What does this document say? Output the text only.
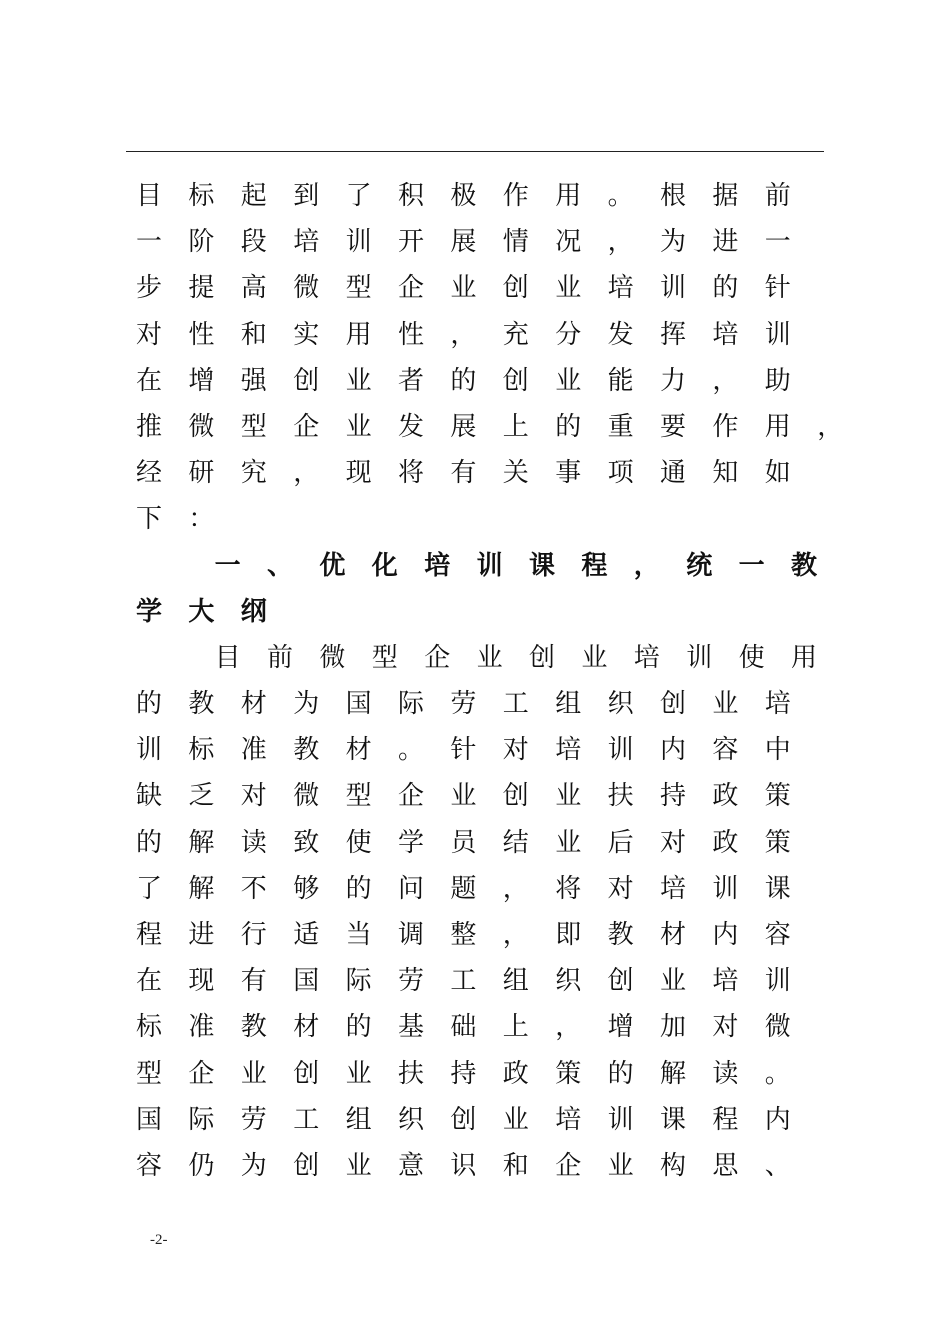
目 标 起 到 了 积 极 作 用 。 根 据 前
一 阶 段 培 训 开 展 情 况 ， 为 进 一
步 提 高 微 型 企 业 创 业 培 训 的 针
对 性 和 实 用 性 ， 充 分 发 挥 培 训
在 增 强 创 业 者 的 创 业 能 力 ， 助
推 微 型 企 业 发 展 上 的 重 要 作 用 ，
经 研 究 ， 现 将 有 关 事 项 通 知 如
下 ：
一 、 优 化 培 训 课 程 ， 统 一 教
学 大 纲
目 前 微 型 企 业 创 业 培 训 使 用
的 教 材 为 国 际 劳 工 组 织 创 业 培
训 标 准 教 材 。 针 对 培 训 内 容 中
缺 乏 对 微 型 企 业 创 业 扶 持 政 策
的 解 读 致 使 学 员 结 业 后 对 政 策
了 解 不 够 的 问 题 ， 将 对 培 训 课
程 进 行 适 当 调 整 ， 即 教 材 内 容
在 现 有 国 际 劳 工 组 织 创 业 培 训
标 准 教 材 的 基 础 上 ， 增 加 对 微
型 企 业 创 业 扶 持 政 策 的 解 读 。
国 际 劳 工 组 织 创 业 培 训 课 程 内
容 仍 为 创 业 意 识 和 企 业 构 思 、
-2-
